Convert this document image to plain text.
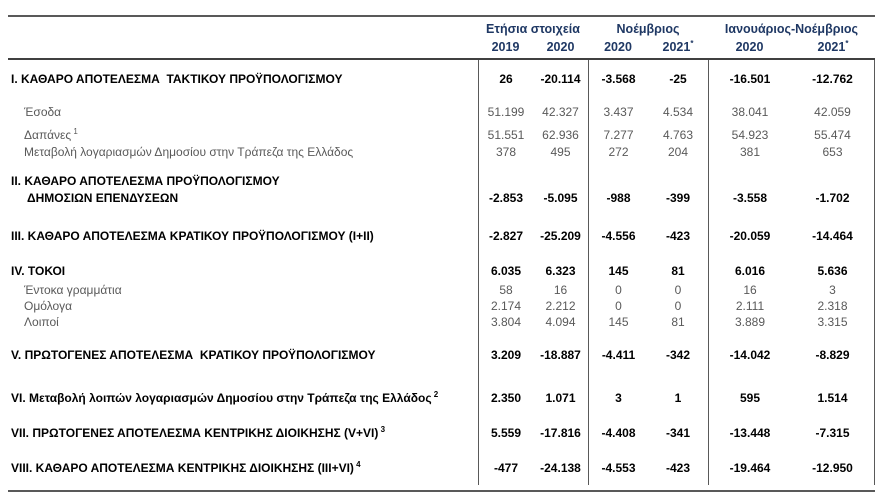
Ετήσια στοιχεία
2019	2020
Νοέμβριος
2020	2021*
Ιανουάριος-Νοέμβριος
2020	2021*
I. ΚΑΘΑΡΟ ΑΠΟΤΕΛΕΣΜΑ  ΤΑΚΤΙΚΟΥ ΠΡΟΫΠΟΛΟΓΙΣΜΟΥ	26	-20.114	-3.568	-25	-16.501	-12.762
Έσοδα	51.199	42.327	3.437	4.534	38.041	42.059
Δαπάνες $^1$	51.551	62.936	7.277	4.763	54.923	55.474
Μεταβολή λογαριασμών Δημοσίου στην Τράπεζα της Ελλάδος	378	495	272	204	381	653
II. ΚΑΘΑΡΟ ΑΠΟΤΕΛΕΣΜΑ ΠΡΟΫΠΟΛΟΓΙΣΜΟΥ
ΔΗΜΟΣΙΩΝ ΕΠΕΝΔΥΣΕΩΝ	-2.853	-5.095	-988	-399	-3.558	-1.702
III. ΚΑΘΑΡΟ ΑΠΟΤΕΛΕΣΜΑ ΚΡΑΤΙΚΟΥ ΠΡΟΫΠΟΛΟΓΙΣΜΟΥ (I+II)	-2.827	-25.209	-4.556	-423	-20.059	-14.464
IV. ΤΟΚΟΙ	6.035	6.323	145	81	6.016	5.636
Έντοκα γραμμάτια	58	16	0	0	16	3
Ομόλογα	2.174	2.212	0	0	2.111	2.318
Λοιποί	3.804	4.094	145	81	3.889	3.315
V. ΠΡΩΤΟΓΕΝΕΣ ΑΠΟΤΕΛΕΣΜΑ  ΚΡΑΤΙΚΟΥ ΠΡΟΫΠΟΛΟΓΙΣΜΟΥ	3.209	-18.887	-4.411	-342	-14.042	-8.829
VI. Μεταβολή λοιπών λογαριασμών Δημοσίου στην Τράπεζα της Ελλάδος $^2$	2.350	1.071	3	1	595	1.514
VII. ΠΡΩΤΟΓΕΝΕΣ ΑΠΟΤΕΛΕΣΜΑ ΚΕΝΤΡΙΚΗΣ ΔΙΟΙΚΗΣΗΣ (V+VI) $^3$	5.559	-17.816	-4.408	-341	-13.448	-7.315
VIII. ΚΑΘΑΡΟ ΑΠΟΤΕΛΕΣΜΑ ΚΕΝΤΡΙΚΗΣ ΔΙΟΙΚΗΣΗΣ (III+VI) $^4$	-477	-24.138	-4.553	-423	-19.464	-12.950
